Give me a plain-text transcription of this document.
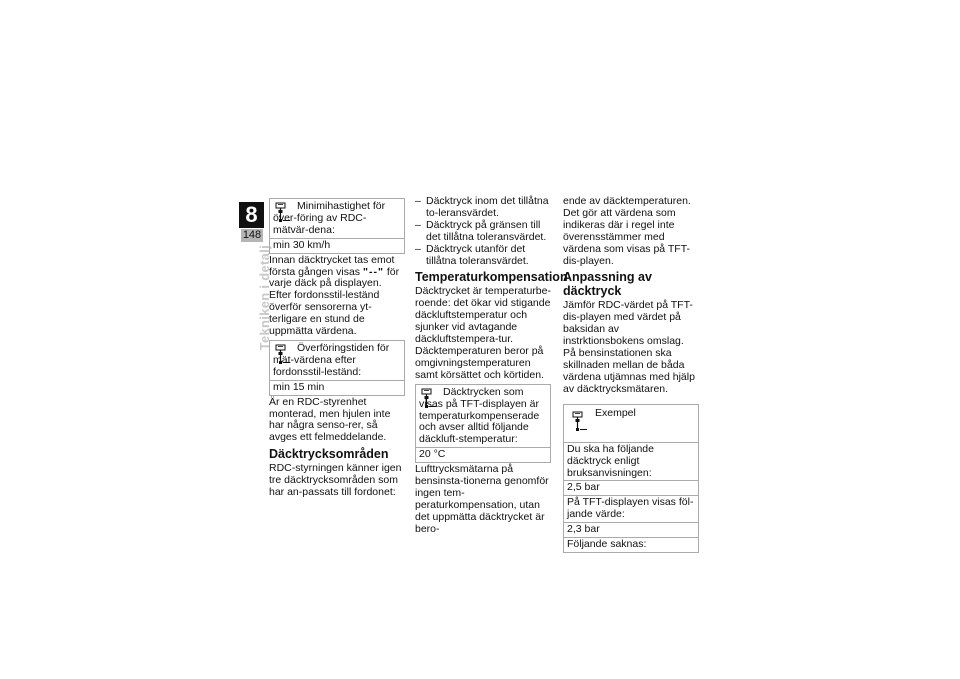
8
148
Tekniken i detalj
Minimihastighet för över-föring av RDC-mätvär-dena:
min 30 km/h

Innan däcktrycket tas emot första gången visas "--" för varje däck på displayen. Efter fordonsstil-leständ överför sensorerna yt-terligare en stund de uppmätta värdena.

Överföringstiden för mät-värdena efter fordonsstil-leständ:
min 15 min

Är en RDC-styrenhet monterad, men hjulen inte har några senso-rer, så avges ett felmeddelande.

Däcktrycksområden

RDC-styrningen känner igen tre däcktrycksområden som har an-passats till fordonet:

– Däcktryck inom det tillåtna to-leransvärdet.
– Däcktryck på gränsen till det tillåtna toleransvärdet.
– Däcktryck utanför det tillåtna toleransvärdet.
Temperaturkompensation

Däcktrycket är temperaturbe-roende: det ökar vid stigande däckluftstemperatur och sjunker vid avtagande däckluftstempera-tur. Däcktemperaturen beror på omgivningstemperaturen samt körsättet och körtiden.

Däcktrycken som visas på TFT-displayen är temperaturkompenserade och avser alltid följande däckluft-stemperatur:
20 °C

Lufttrycksmätarna på bensinsta-tionerna genomför ingen tem-peraturkompensation, utan det uppmätta däcktrycket är bero-

ende av däcktemperaturen. Det gör att värdena som indikeras där i regel inte överensstämmer med värdena som visas på TFT-dis-playen.

Anpassning av däcktryck

Jämför RDC-värdet på TFT-dis-playen med värdet på baksidan av instrktionsbokens omslag. På bensinstationen ska skillnaden mellan de båda värdena utjämnas med hjälp av däcktrycksmätaren.

Exempel
Du ska ha följande däcktryck enligt bruksanvisningen:
2,5 bar
På TFT-displayen visas föl-jande värde:
2,3 bar
Följande saknas:
